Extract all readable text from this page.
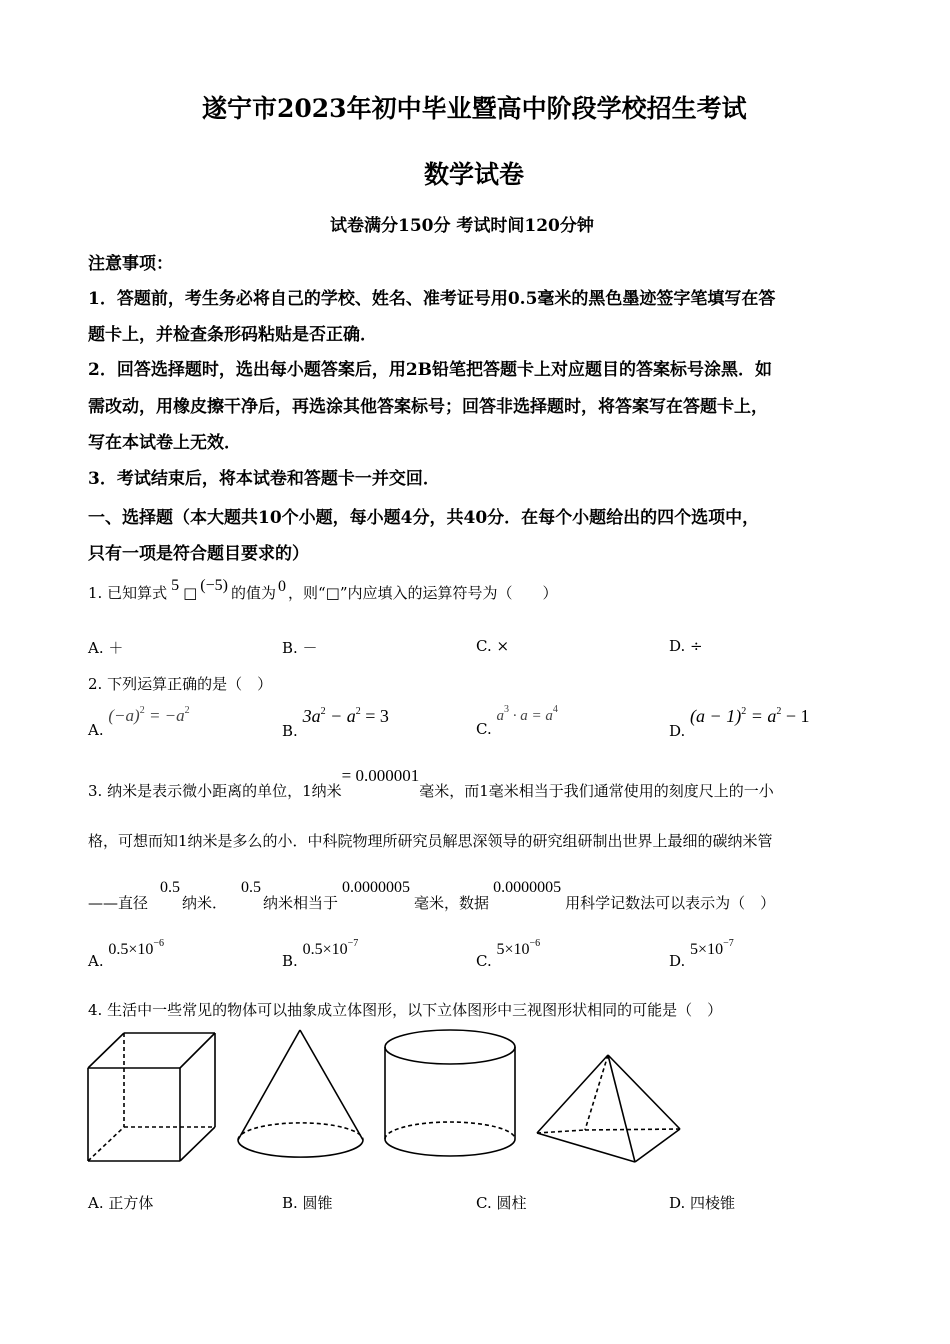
遂宁市2023年初中毕业暨高中阶段学校招生考试
数学试卷
试卷满分150分 考试时间120分钟
注意事项：
1．答题前，考生务必将自己的学校、姓名、准考证号用0.5毫米的黑色墨迹签字笔填写在答
题卡上，并检查条形码粘贴是否正确．
2．回答选择题时，选出每小题答案后，用2B铅笔把答题卡上对应题目的答案标号涂黑．如
需改动，用橡皮擦干净后，再选涂其他答案标号；回答非选择题时，将答案写在答题卡上，
写在本试卷上无效．
3．考试结束后，将本试卷和答题卡一并交回．
一、选择题（本大题共10个小题，每小题4分，共40分．在每个小题给出的四个选项中，
只有一项是符合题目要求的）
1. 已知算式 5 □ (−5) 的值为 0 ，则“□”内应填入的运算符号为（　　）
A. ＋	B. －	C. ×	D. ÷
2. 下列运算正确的是（　）
A. $(-a)^2 = -a^2$
B. $3a^2 - a^2 = 3$
C. $a^3 \cdot a = a^4$
D. $(a - 1)^2 = a^2 - 1$
3. 纳米是表示微小距离的单位，1纳米= 0.000001毫米，而1毫米相当于我们通常使用的刻度尺上的一小
格，可想而知1纳米是多么的小．中科院物理所研究员解思深领导的研究组研制出世界上最细的碳纳米管
——直径0.5纳米．0.5纳米相当于0.0000005毫米，数据0.0000005用科学记数法可以表示为（　）
A. $0.5\times 10^{-6}$
B. $0.5\times 10^{-7}$
C. $5\times 10^{-6}$
D. $5\times 10^{-7}$
4. 生活中一些常见的物体可以抽象成立体图形，以下立体图形中三视图形状相同的可能是（　）
A. 正方体	B. 圆锥	C. 圆柱	D. 四棱锥
